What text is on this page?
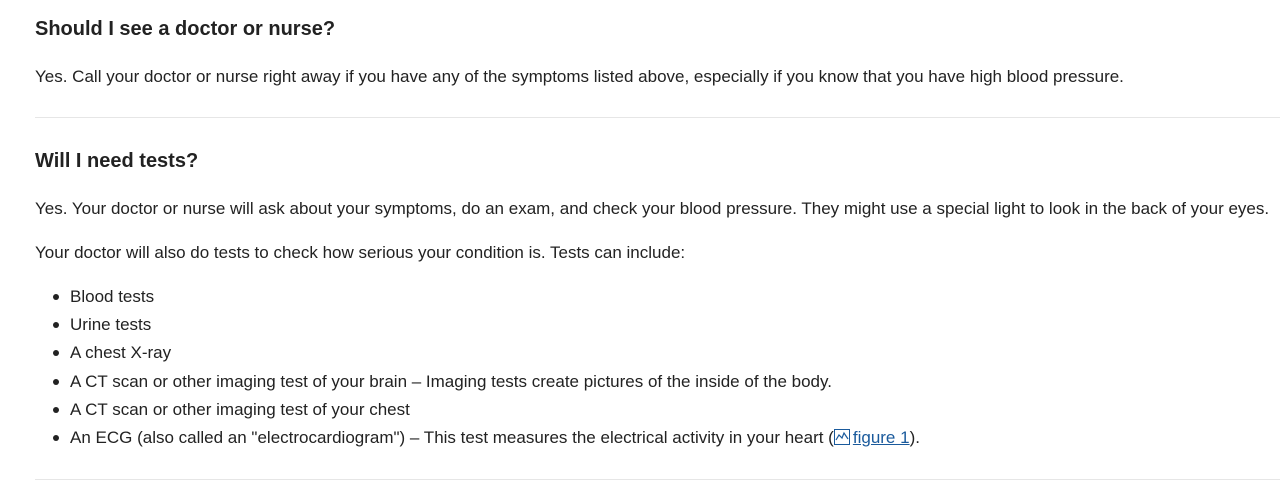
Should I see a doctor or nurse?

Yes. Call your doctor or nurse right away if you have any of the symptoms listed above, especially if you know that you have high blood pressure.

Will I need tests?

Yes. Your doctor or nurse will ask about your symptoms, do an exam, and check your blood pressure. They might use a special light to look in the back of your eyes.

Your doctor will also do tests to check how serious your condition is. Tests can include:

Blood tests
Urine tests
A chest X-ray
A CT scan or other imaging test of your brain – Imaging tests create pictures of the inside of the body.
A CT scan or other imaging test of your chest
An ECG (also called an "electrocardiogram") – This test measures the electrical activity in your heart ( figure 1).
